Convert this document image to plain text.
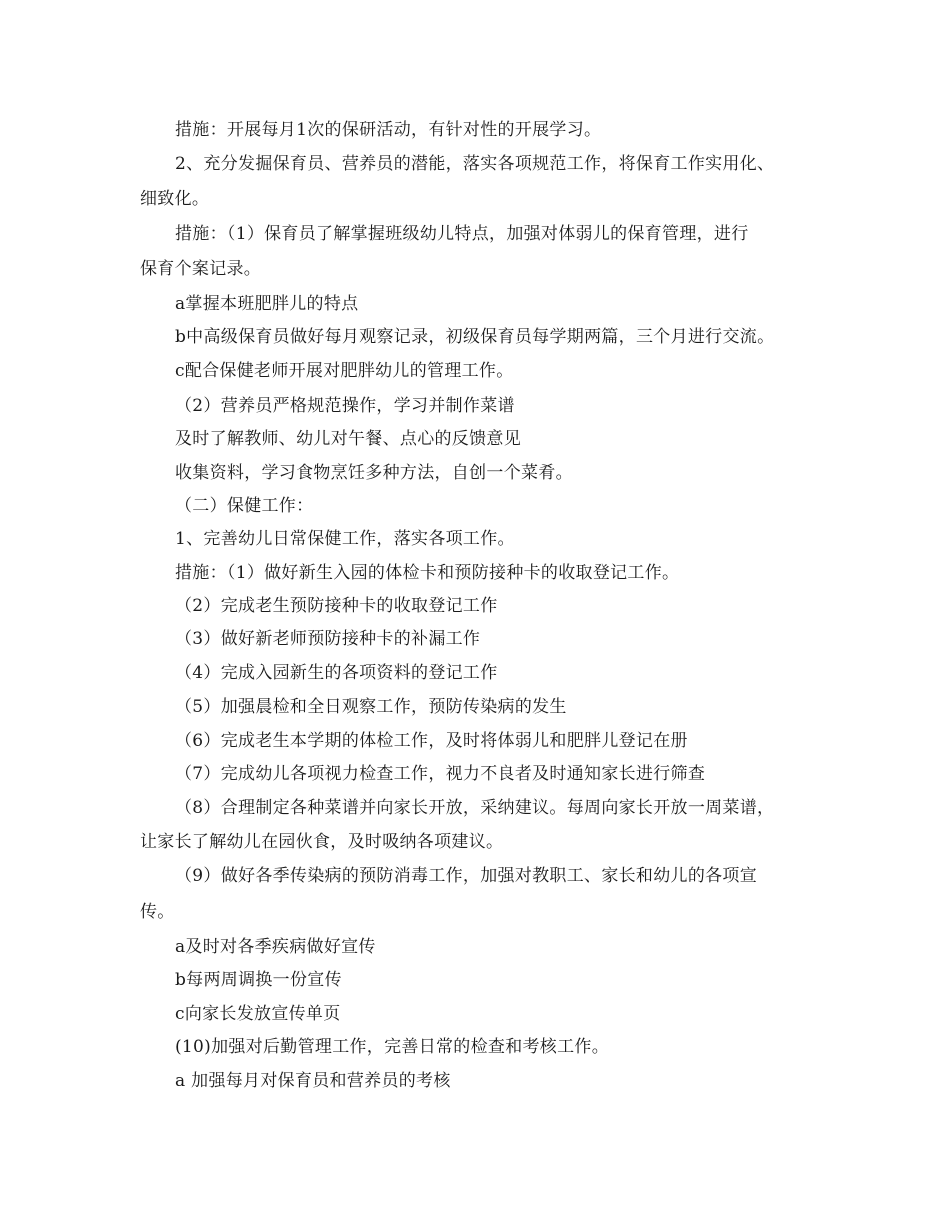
措施：开展每月1次的保研活动，有针对性的开展学习。
2、充分发掘保育员、营养员的潜能，落实各项规范工作，将保育工作实用化、
细致化。
措施：（1）保育员了解掌握班级幼儿特点，加强对体弱儿的保育管理，进行
保育个案记录。
a掌握本班肥胖儿的特点
b中高级保育员做好每月观察记录，初级保育员每学期两篇，三个月进行交流。
c配合保健老师开展对肥胖幼儿的管理工作。
（2）营养员严格规范操作，学习并制作菜谱
及时了解教师、幼儿对午餐、点心的反馈意见
收集资料，学习食物烹饪多种方法，自创一个菜肴。
（二）保健工作：
1、完善幼儿日常保健工作，落实各项工作。
措施：（1）做好新生入园的体检卡和预防接种卡的收取登记工作。
（2）完成老生预防接种卡的收取登记工作
（3）做好新老师预防接种卡的补漏工作
（4）完成入园新生的各项资料的登记工作
（5）加强晨检和全日观察工作，预防传染病的发生
（6）完成老生本学期的体检工作，及时将体弱儿和肥胖儿登记在册
（7）完成幼儿各项视力检查工作，视力不良者及时通知家长进行筛查
（8）合理制定各种菜谱并向家长开放，采纳建议。每周向家长开放一周菜谱，
让家长了解幼儿在园伙食，及时吸纳各项建议。
（9）做好各季传染病的预防消毒工作，加强对教职工、家长和幼儿的各项宣
传。
a及时对各季疾病做好宣传
b每两周调换一份宣传
c向家长发放宣传单页
(10)加强对后勤管理工作，完善日常的检查和考核工作。
a 加强每月对保育员和营养员的考核
